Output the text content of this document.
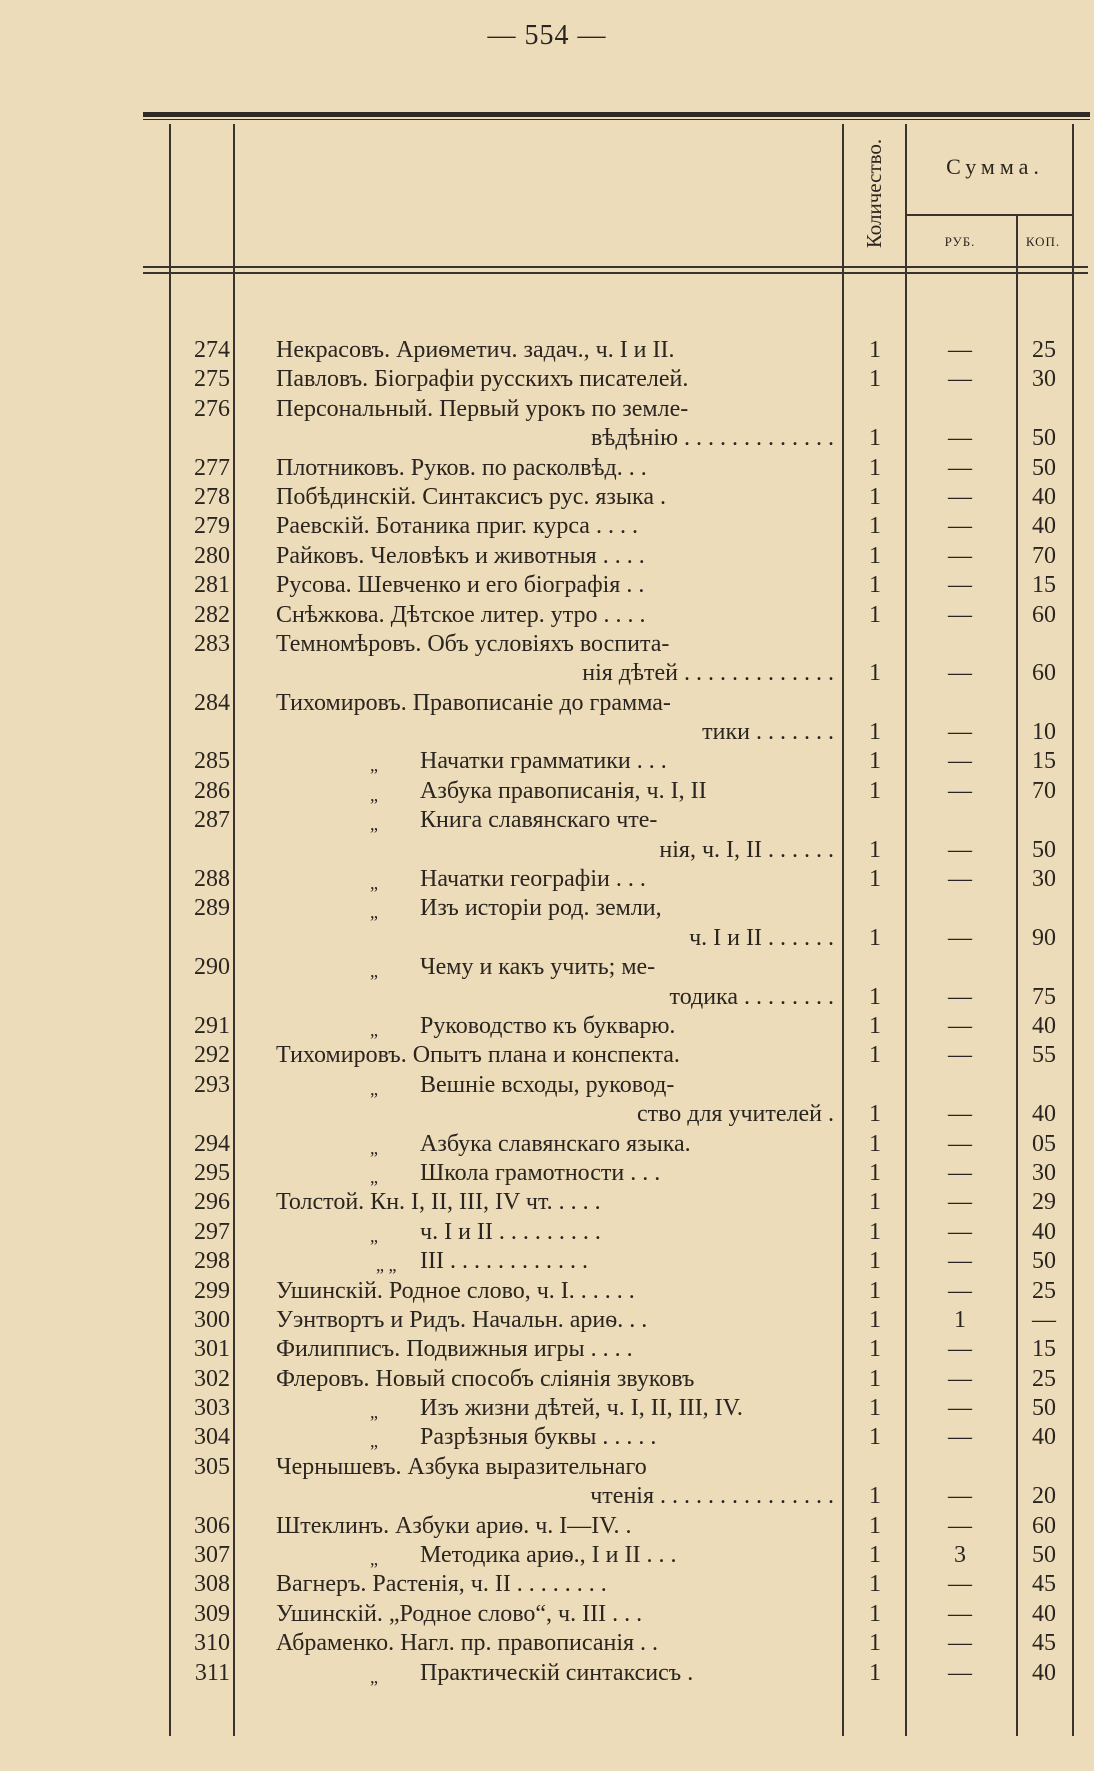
— 554 —
Количество.	Сумма.
РУБ.	КОП.
274 Некрасовъ. Ариѳметич. задач., ч. I и II.	1	—	25
275 Павловъ. Біографіи русскихъ писателей.	1	—	30
276 Персональный. Первый урокъ по земле-
вѣдѣнію . . . . . . . . . . . . .	1	—	50
277 Плотниковъ. Руков. по расколвѣд. . .	1	—	50
278 Побѣдинскій. Синтаксисъ рус. языка .	1	—	40
279 Раевскій. Ботаника приг. курса . . . .	1	—	40
280 Райковъ. Человѣкъ и животныя . . . .	1	—	70
281 Русова. Шевченко и его біографія . .	1	—	15
282 Снѣжкова. Дѣтское литер. утро . . . .	1	—	60
283 Темномѣровъ. Объ условіяхъ воспита-
нія дѣтей . . . . . . . . . . . . .	1	—	60
284 Тихомировъ. Правописаніе до грамма-
тики . . . . . . .	1	—	10
285	„ Начатки грамматики . . .	1	—	15
286	„ Азбука правописанія, ч. I, II	1	—	70
287	„ Книга славянскаго чте-
нія, ч. I, II . . . . . .	1	—	50
288	„ Начатки географіи . . .	1	—	30
289	„ Изъ исторіи род. земли,
ч. I и II . . . . . .	1	—	90
290	„ Чему и какъ учить; ме-
тодика . . . . . . . .	1	—	75
291	„ Руководство къ букварю.	1	—	40
292 Тихомировъ. Опытъ плана и конспекта.	1	—	55
293	„ Вешніе всходы, руковод-
ство для учителей .	1	—	40
294	„ Азбука славянскаго языка.	1	—	05
295	„ Школа грамотности . . .	1	—	30
296 Толстой. Кн. I, II, III, IV чт. . . . .	1	—	29
297	„ ч. I и II . . . . . . . . .	1	—	40
298	„ „ III . . . . . . . . . . . .	1	—	50
299 Ушинскій. Родное слово, ч. I. . . . . .	1	—	25
300 Уэнтвортъ и Ридъ. Начальн. ариѳ. . .	1	1	—
301 Филипписъ. Подвижныя игры . . . .	1	—	15
302 Флеровъ. Новый способъ сліянія звуковъ	1	—	25
303	„ Изъ жизни дѣтей, ч. I, II, III, IV.	1	—	50
304	„ Разрѣзныя буквы . . . . .	1	—	40
305 Чернышевъ. Азбука выразительнаго
чтенія . . . . . . . . . . . . . . .	1	—	20
306 Штеклинъ. Азбуки ариѳ. ч. I—IV. .	1	—	60
307	„ Методика ариѳ., I и II . . .	1	3	50
308 Вагнеръ. Растенія, ч. II . . . . . . . .	1	—	45
309 Ушинскій. „Родное слово“, ч. III . . .	1	—	40
310 Абраменко. Нагл. пр. правописанія . .	1	—	45
311	„ Практическій синтаксисъ .	1	—	40
